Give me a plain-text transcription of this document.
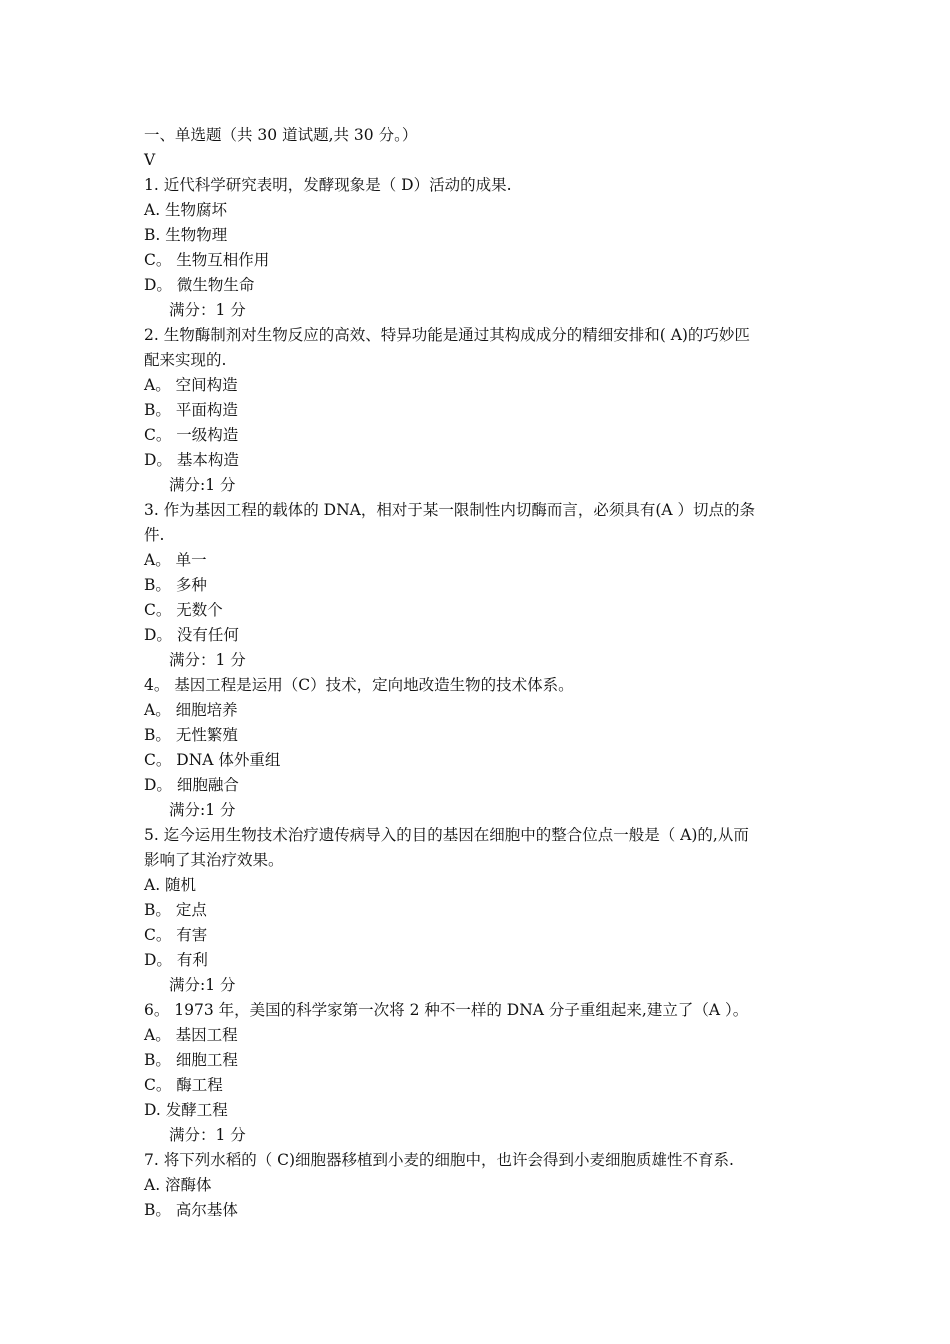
一、单选题（共 30 道试题,共 30 分。）
V
1. 近代科学研究表明，发酵现象是（ D）活动的成果.
A. 生物腐坏
B. 生物物理
C。 生物互相作用
D。 微生物生命
满分：1 分
2. 生物酶制剂对生物反应的高效、特异功能是通过其构成成分的精细安排和( A)的巧妙匹
配来实现的.
A。 空间构造
B。 平面构造
C。 一级构造
D。 基本构造
满分:1 分
3. 作为基因工程的载体的 DNA，相对于某一限制性内切酶而言，必须具有(A ）切点的条
件.
A。 单一
B。 多种
C。 无数个
D。 没有任何
满分：1 分
4。 基因工程是运用（C）技术，定向地改造生物的技术体系。
A。 细胞培养
B。 无性繁殖
C。 DNA 体外重组
D。 细胞融合
满分:1 分
5. 迄今运用生物技术治疗遗传病导入的目的基因在细胞中的整合位点一般是（ A)的,从而
影响了其治疗效果。
A. 随机
B。 定点
C。 有害
D。 有利
满分:1 分
6。 1973 年，美国的科学家第一次将 2 种不一样的 DNA 分子重组起来,建立了（A ）。
A。 基因工程
B。 细胞工程
C。 酶工程
D. 发酵工程
满分：1 分
7. 将下列水稻的（ C)细胞器移植到小麦的细胞中，也许会得到小麦细胞质雄性不育系.
A. 溶酶体
B。 高尔基体
